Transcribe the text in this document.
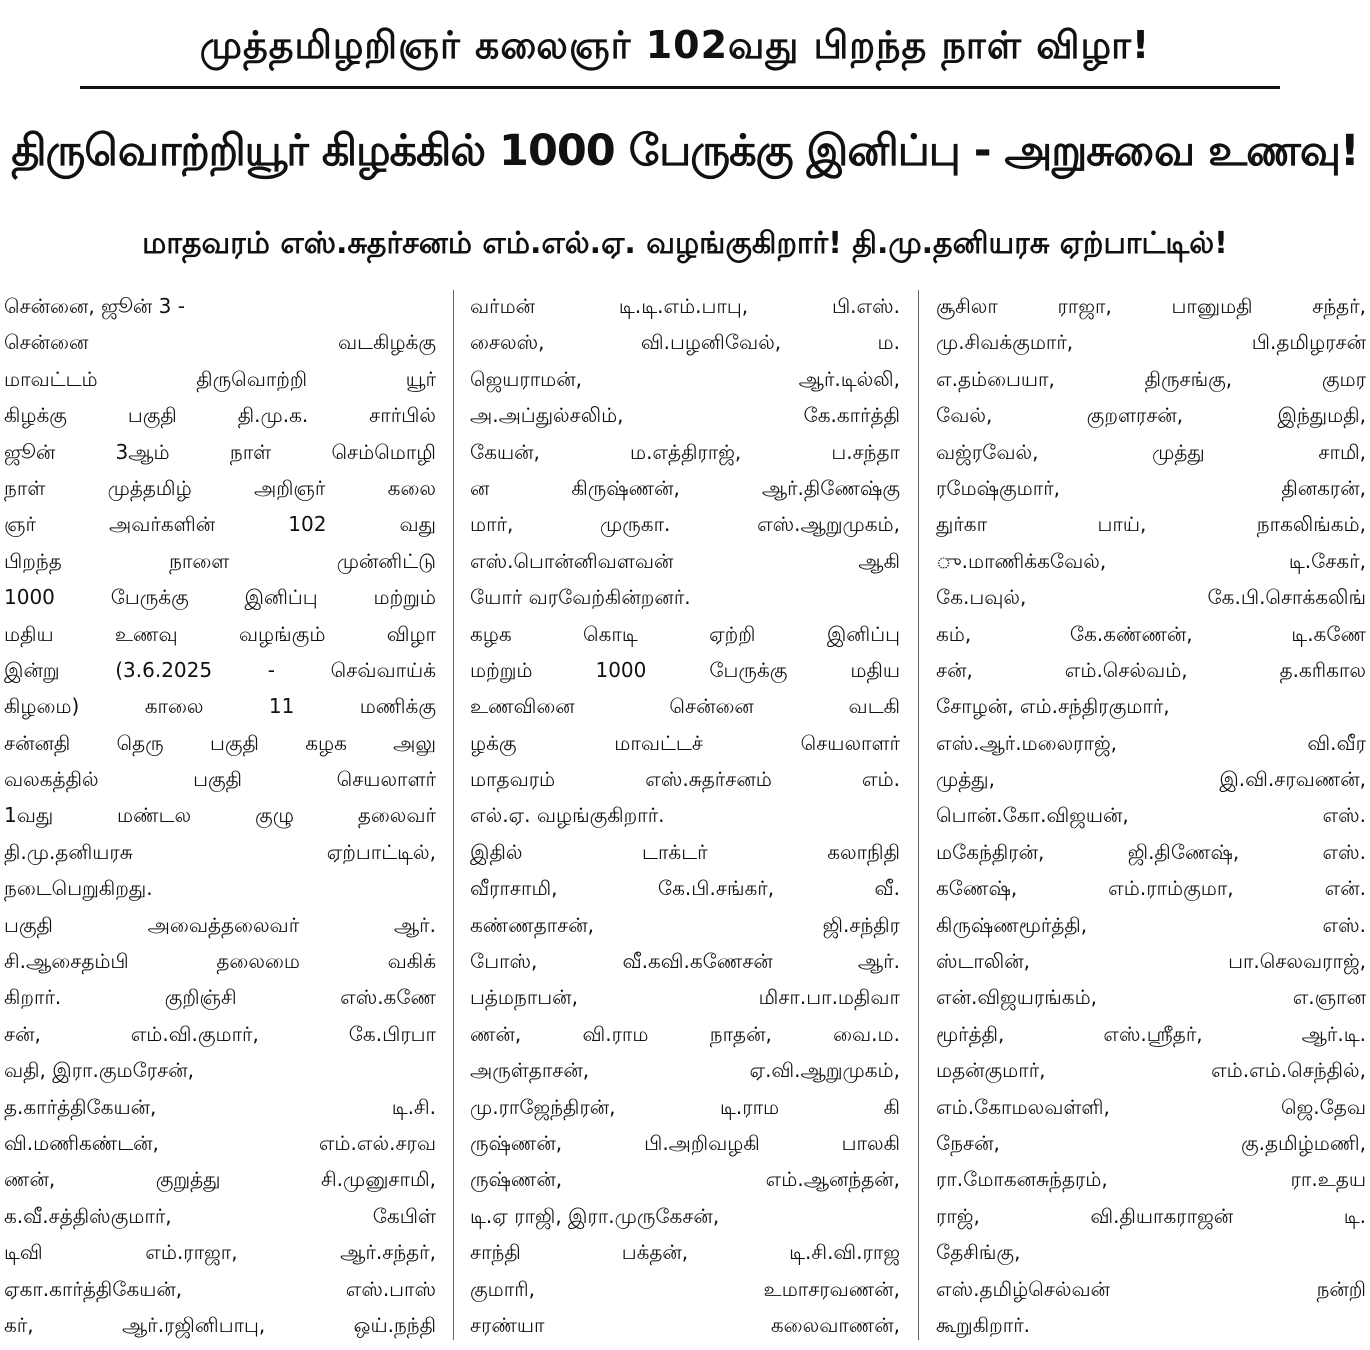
முத்தமிழறிஞர் கலைஞர் 102வது பிறந்த நாள் விழா!
திருவொற்றியூர் கிழக்கில் 1000 பேருக்கு இனிப்பு - அறுசுவை உணவு!
மாதவரம் எஸ்.சுதர்சனம் எம்.எல்.ஏ. வழங்குகிறார்! தி.மு.தனியரசு ஏற்பாட்டில்!
சென்னை, ஜூன் 3 -
சென்னை வடகிழக்கு
மாவட்டம் திருவொற்றி யூர்
கிழக்கு பகுதி தி.மு.க. சார்பில்
ஜூன் 3ஆம் நாள் செம்மொழி
நாள் முத்தமிழ் அறிஞர் கலை
ஞர் அவர்களின் 102 வது
பிறந்த நாளை முன்னிட்டு
1000 பேருக்கு இனிப்பு மற்றும்
மதிய உணவு வழங்கும் விழா
இன்று (3.6.2025 - செவ்வாய்க்
கிழமை) காலை 11 மணிக்கு
சன்னதி தெரு பகுதி கழக அலு
வலகத்தில் பகுதி செயலாளர்
1வது மண்டல குழு தலைவர்
தி.மு.தனியரசு ஏற்பாட்டில்,
நடைபெறுகிறது.
பகுதி அவைத்தலைவர் ஆர்.
சி.ஆசைதம்பி தலைமை வகிக்
கிறார். குறிஞ்சி எஸ்.கணே
சன், எம்.வி.குமார், கே.பிரபா
வதி, இரா.குமரேசன்,
த.கார்த்திகேயன், டி.சி.
வி.மணிகண்டன், எம்.எல்.சரவ
ணன், குறுத்து சி.முனுசாமி,
க.வீ.சத்திஸ்குமார், கேபிள்
டிவி எம்.ராஜா, ஆர்.சந்தர்,
ஏகா.கார்த்திகேயன், எஸ்.பாஸ்
கர், ஆர்.ரஜினிபாபு, ஒய்.நந்தி
வர்மன் டி.டி.எம்.பாபு, பி.எஸ்.
சைலஸ், வி.பழனிவேல், ம.
ஜெயராமன், ஆர்.டில்லி,
அ.அப்துல்சலிம், கே.கார்த்தி
கேயன், ம.எத்திராஜ், ப.சந்தா
ன கிருஷ்ணன், ஆர்.திணேஷ்கு
மார், முருகா. எஸ்.ஆறுமுகம்,
எஸ்.பொன்னிவளவன் ஆகி
யோர் வரவேற்கின்றனர்.
கழக கொடி ஏற்றி இனிப்பு
மற்றும் 1000 பேருக்கு மதிய
உணவினை சென்னை வடகி
ழக்கு மாவட்டச் செயலாளர்
மாதவரம் எஸ்.சுதர்சனம் எம்.
எல்.ஏ. வழங்குகிறார்.
இதில் டாக்டர் கலாநிதி
வீராசாமி, கே.பி.சங்கர், வீ.
கண்ணதாசன், ஜி.சந்திர
போஸ், வீ.கவி.கணேசன் ஆர்.
பத்மநாபன், மிசா.பா.மதிவா
ணன், வி.ராம நாதன், வை.ம.
அருள்தாசன், ஏ.வி.ஆறுமுகம்,
மு.ராஜேந்திரன், டி.ராம கி
ருஷ்ணன், பி.அறிவழகி பாலகி
ருஷ்ணன், எம்.ஆனந்தன்,
டி.ஏ ராஜி, இரா.முருகேசன்,
சாந்தி பக்தன், டி.சி.வி.ராஜ
குமாரி, உமாசரவணன்,
சரண்யா கலைவாணன்,
சூசிலா ராஜா, பானுமதி சந்தர்,
மு.சிவக்குமார், பி.தமிழரசன்
எ.தம்பையா, திருசங்கு, குமர
வேல், குறளரசன், இந்துமதி,
வஜ்ரவேல், முத்து சாமி,
ரமேஷ்குமார், தினகரன்,
துர்கா பாய், நாகலிங்கம்,
ு.மாணிக்கவேல், டி.சேகர்,
கே.பவுல், கே.பி.சொக்கலிங்
கம், கே.கண்ணன், டி.கணே
சன், எம்.செல்வம், த.கரிகால
சோழன், எம்.சந்திரகுமார்,
எஸ்.ஆர்.மலைராஜ், வி.வீர
முத்து, இ.வி.சரவணன்,
பொன்.கோ.விஜயன், எஸ்.
மகேந்திரன், ஜி.திணேஷ், எஸ்.
கணேஷ், எம்.ராம்குமா, என்.
கிருஷ்ணமூர்த்தி, எஸ்.
ஸ்டாலின், பா.செலவராஜ்,
என்.விஜயரங்கம், எ.ஞான
மூர்த்தி, எஸ்.ஸ்ரீதர், ஆர்.டி.
மதன்குமார், எம்.எம்.செந்தில்,
எம்.கோமலவள்ளி, ஜெ.தேவ
நேசன், கு.தமிழ்மணி,
ரா.மோகனசுந்தரம், ரா.உதய
ராஜ், வி.தியாகராஜன் டி.
தேசிங்கு,
எஸ்.தமிழ்செல்வன் நன்றி
கூறுகிறார்.
